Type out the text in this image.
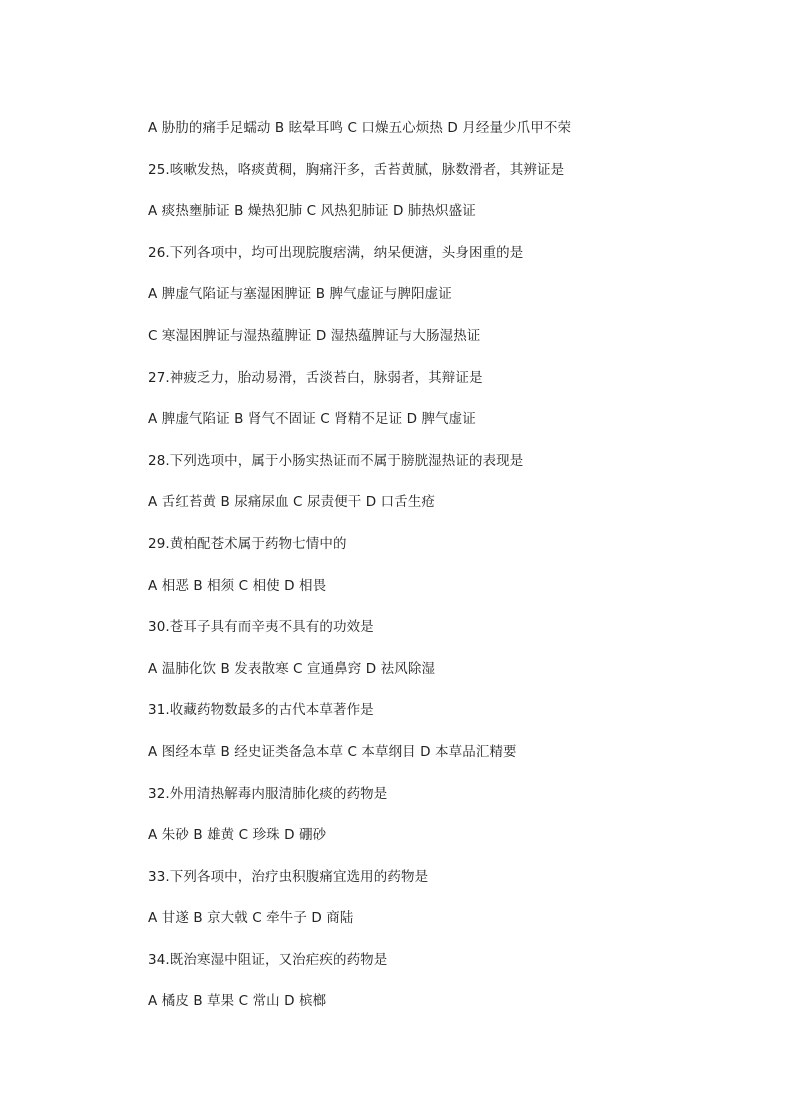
A 胁肋的痛手足蠕动 B 眩晕耳鸣 C 口燥五心烦热 D 月经量少爪甲不荣
25.咳嗽发热，咯痰黄稠，胸痛汗多，舌苔黄腻，脉数滑者，其辨证是
A 痰热壅肺证 B 燥热犯肺 C 风热犯肺证 D 肺热炽盛证
26.下列各项中，均可出现脘腹痞满，纳呆便溏，头身困重的是
A 脾虚气陷证与塞湿困脾证 B 脾气虚证与脾阳虚证
C 寒湿困脾证与湿热蕴脾证 D 湿热蕴脾证与大肠湿热证
27.神疲乏力，胎动易滑，舌淡苔白，脉弱者，其辩证是
A 脾虚气陷证 B 肾气不固证 C 肾精不足证 D 脾气虚证
28.下列选项中，属于小肠实热证而不属于膀胱湿热证的表现是
A 舌红苔黄 B 尿痛尿血 C 尿责便干 D 口舌生疮
29.黄柏配苍术属于药物七情中的
A 相恶 B 相须 C 相使 D 相畏
30.苍耳子具有而辛夷不具有的功效是
A 温肺化饮 B 发表散寒 C 宣通鼻窍 D 祛风除湿
31.收藏药物数最多的古代本草著作是
A 图经本草 B 经史证类备急本草 C 本草纲目 D 本草品汇精要
32.外用清热解毒内服清肺化痰的药物是
A 朱砂 B 雄黄 C 珍珠 D 硼砂
33.下列各项中，治疗虫积腹痛宜选用的药物是
A 甘遂 B 京大戟 C 牵牛子 D 商陆
34.既治寒湿中阻证，又治疟疾的药物是
A 橘皮 B 草果 C 常山 D 槟榔
